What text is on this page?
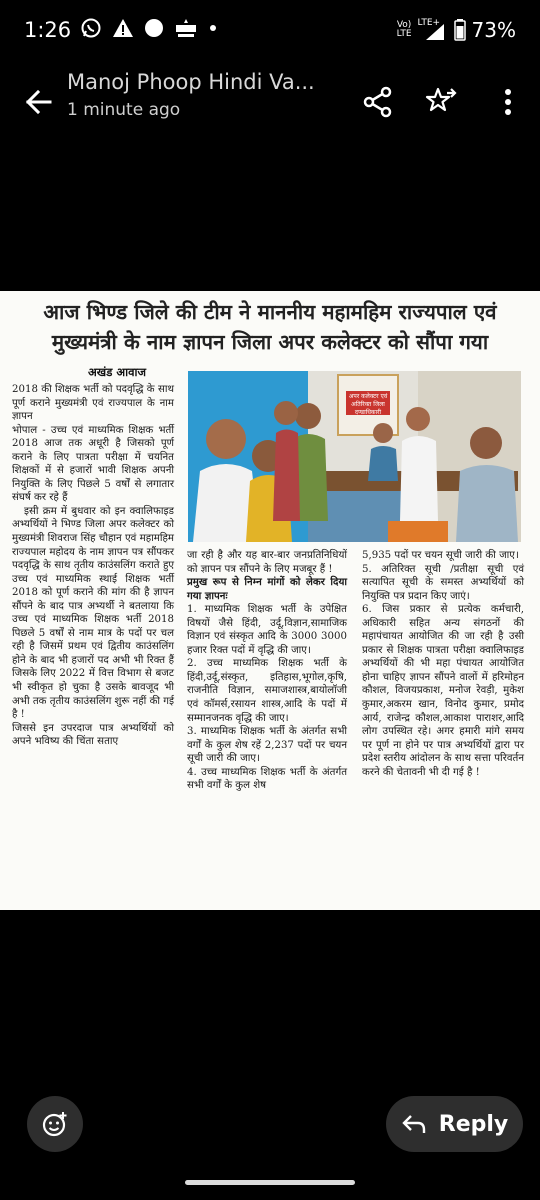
1:26	Vo)
LTE
LTE+ 73%
Manoj Phoop Hindi Va...
1 minute ago
आज भिण्ड जिले की टीम ने माननीय महामहिम राज्यपाल एवं
मुख्यमंत्री के नाम ज्ञापन जिला अपर कलेक्टर को सौंपा गया
अखंड आवाज

2018 की शिक्षक भर्ती को पदवृद्धि के साथ पूर्ण कराने मुख्यमंत्री एवं राज्यपाल के नाम ज्ञापन

भोपाल - उच्च एवं माध्यमिक शिक्षक भर्ती 2018 आज तक अधूरी है जिसको पूर्ण कराने के लिए पात्रता परीक्षा में चयनित शिक्षकों में से हजारों भावी शिक्षक अपनी नियुक्ति के लिए पिछले 5 वर्षों से लगातार संघर्ष कर रहे हैं

इसी क्रम में बुधवार को इन क्वालिफाइड अभ्यर्थियों ने भिण्ड जिला अपर कलेक्टर को मुख्यमंत्री शिवराज सिंह चौहान एवं महामहिम राज्यपाल महोदय के नाम ज्ञापन पत्र सौंपकर पदवृद्धि के साथ तृतीय काउंसलिंग कराते हुए उच्च एवं माध्यमिक स्थाई शिक्षक भर्ती 2018 को पूर्ण कराने की मांग की है ज्ञापन सौंपने के बाद पात्र अभ्यर्थी ने बतलाया कि उच्च एवं माध्यमिक शिक्षक भर्ती 2018 पिछले 5 वर्षों से नाम मात्र के पदों पर चल रही है जिसमें प्रथम एवं द्वितीय काउंसलिंग होने के बाद भी हजारों पद अभी भी रिक्त हैं जिसके लिए 2022 में वित्त विभाग से बजट भी स्वीकृत हो चुका है उसके बावजूद भी अभी तक तृतीय काउंसलिंग शुरू नहीं की गई है !

जिससे इन उपरदाज पात्र अभ्यर्थियों को अपने भविष्य की चिंता सताए

अपर कलेक्टर एवं अतिरिक्त जिला दण्डाधिकारी

जा रही है और यह बार-बार जनप्रतिनिधियों को ज्ञापन पत्र सौंपने के लिए मजबूर हैं !

प्रमुख रूप से निम्न मांगों को लेकर दिया गया ज्ञापनः

1. माध्यमिक शिक्षक भर्ती के उपेक्षित विषयों जैसे हिंदी, उर्दू,विज्ञान,सामाजिक विज्ञान एवं संस्कृत आदि के 3000 3000 हजार रिक्त पदों में वृद्धि की जाए।

2. उच्च माध्यमिक शिक्षक भर्ती के हिंदी,उर्दू,संस्कृत, इतिहास,भूगोल,कृषि, राजनीति विज्ञान, समाजशास्त्र,बायोलॉजी एवं कॉमर्स,रसायन शास्त्र,आदि के पदों में सम्मानजनक वृद्धि की जाए।

3. माध्यमिक शिक्षक भर्ती के अंतर्गत सभी वर्गों के कुल शेष रहें 2,237 पदों पर चयन सूची जारी की जाए।

4. उच्च माध्यमिक शिक्षक भर्ती के अंतर्गत सभी वर्गों के कुल शेष

5,935 पदों पर चयन सूची जारी की जाए।

5. अतिरिक्त सूची /प्रतीक्षा सूची एवं सत्यापित सूची के समस्त अभ्यर्थियों को नियुक्ति पत्र प्रदान किए जाएं।

6. जिस प्रकार से प्रत्येक कर्मचारी, अधिकारी सहित अन्य संगठनों की महापंचायत आयोजित की जा रही है उसी प्रकार से शिक्षक पात्रता परीक्षा क्वालिफाइड अभ्यर्थियों की भी महा पंचायत आयोजित होना चाहिए ज्ञापन सौंपने वालों में हरिमोहन कौशल, विजयप्रकाश, मनोज रेवड़ी, मुकेश कुमार,अकरम खान, विनोद कुमार, प्रमोद आर्य, राजेन्द्र कौशल,आकाश पाराशर,आदि लोग उपस्थित रहे। अगर हमारी मांगे समय पर पूर्ण ना होने पर पात्र अभ्यर्थियों द्वारा पर प्रदेश स्तरीय आंदोलन के साथ सत्ता परिवर्तन करने की चेतावनी भी दी गई है !

Reply
